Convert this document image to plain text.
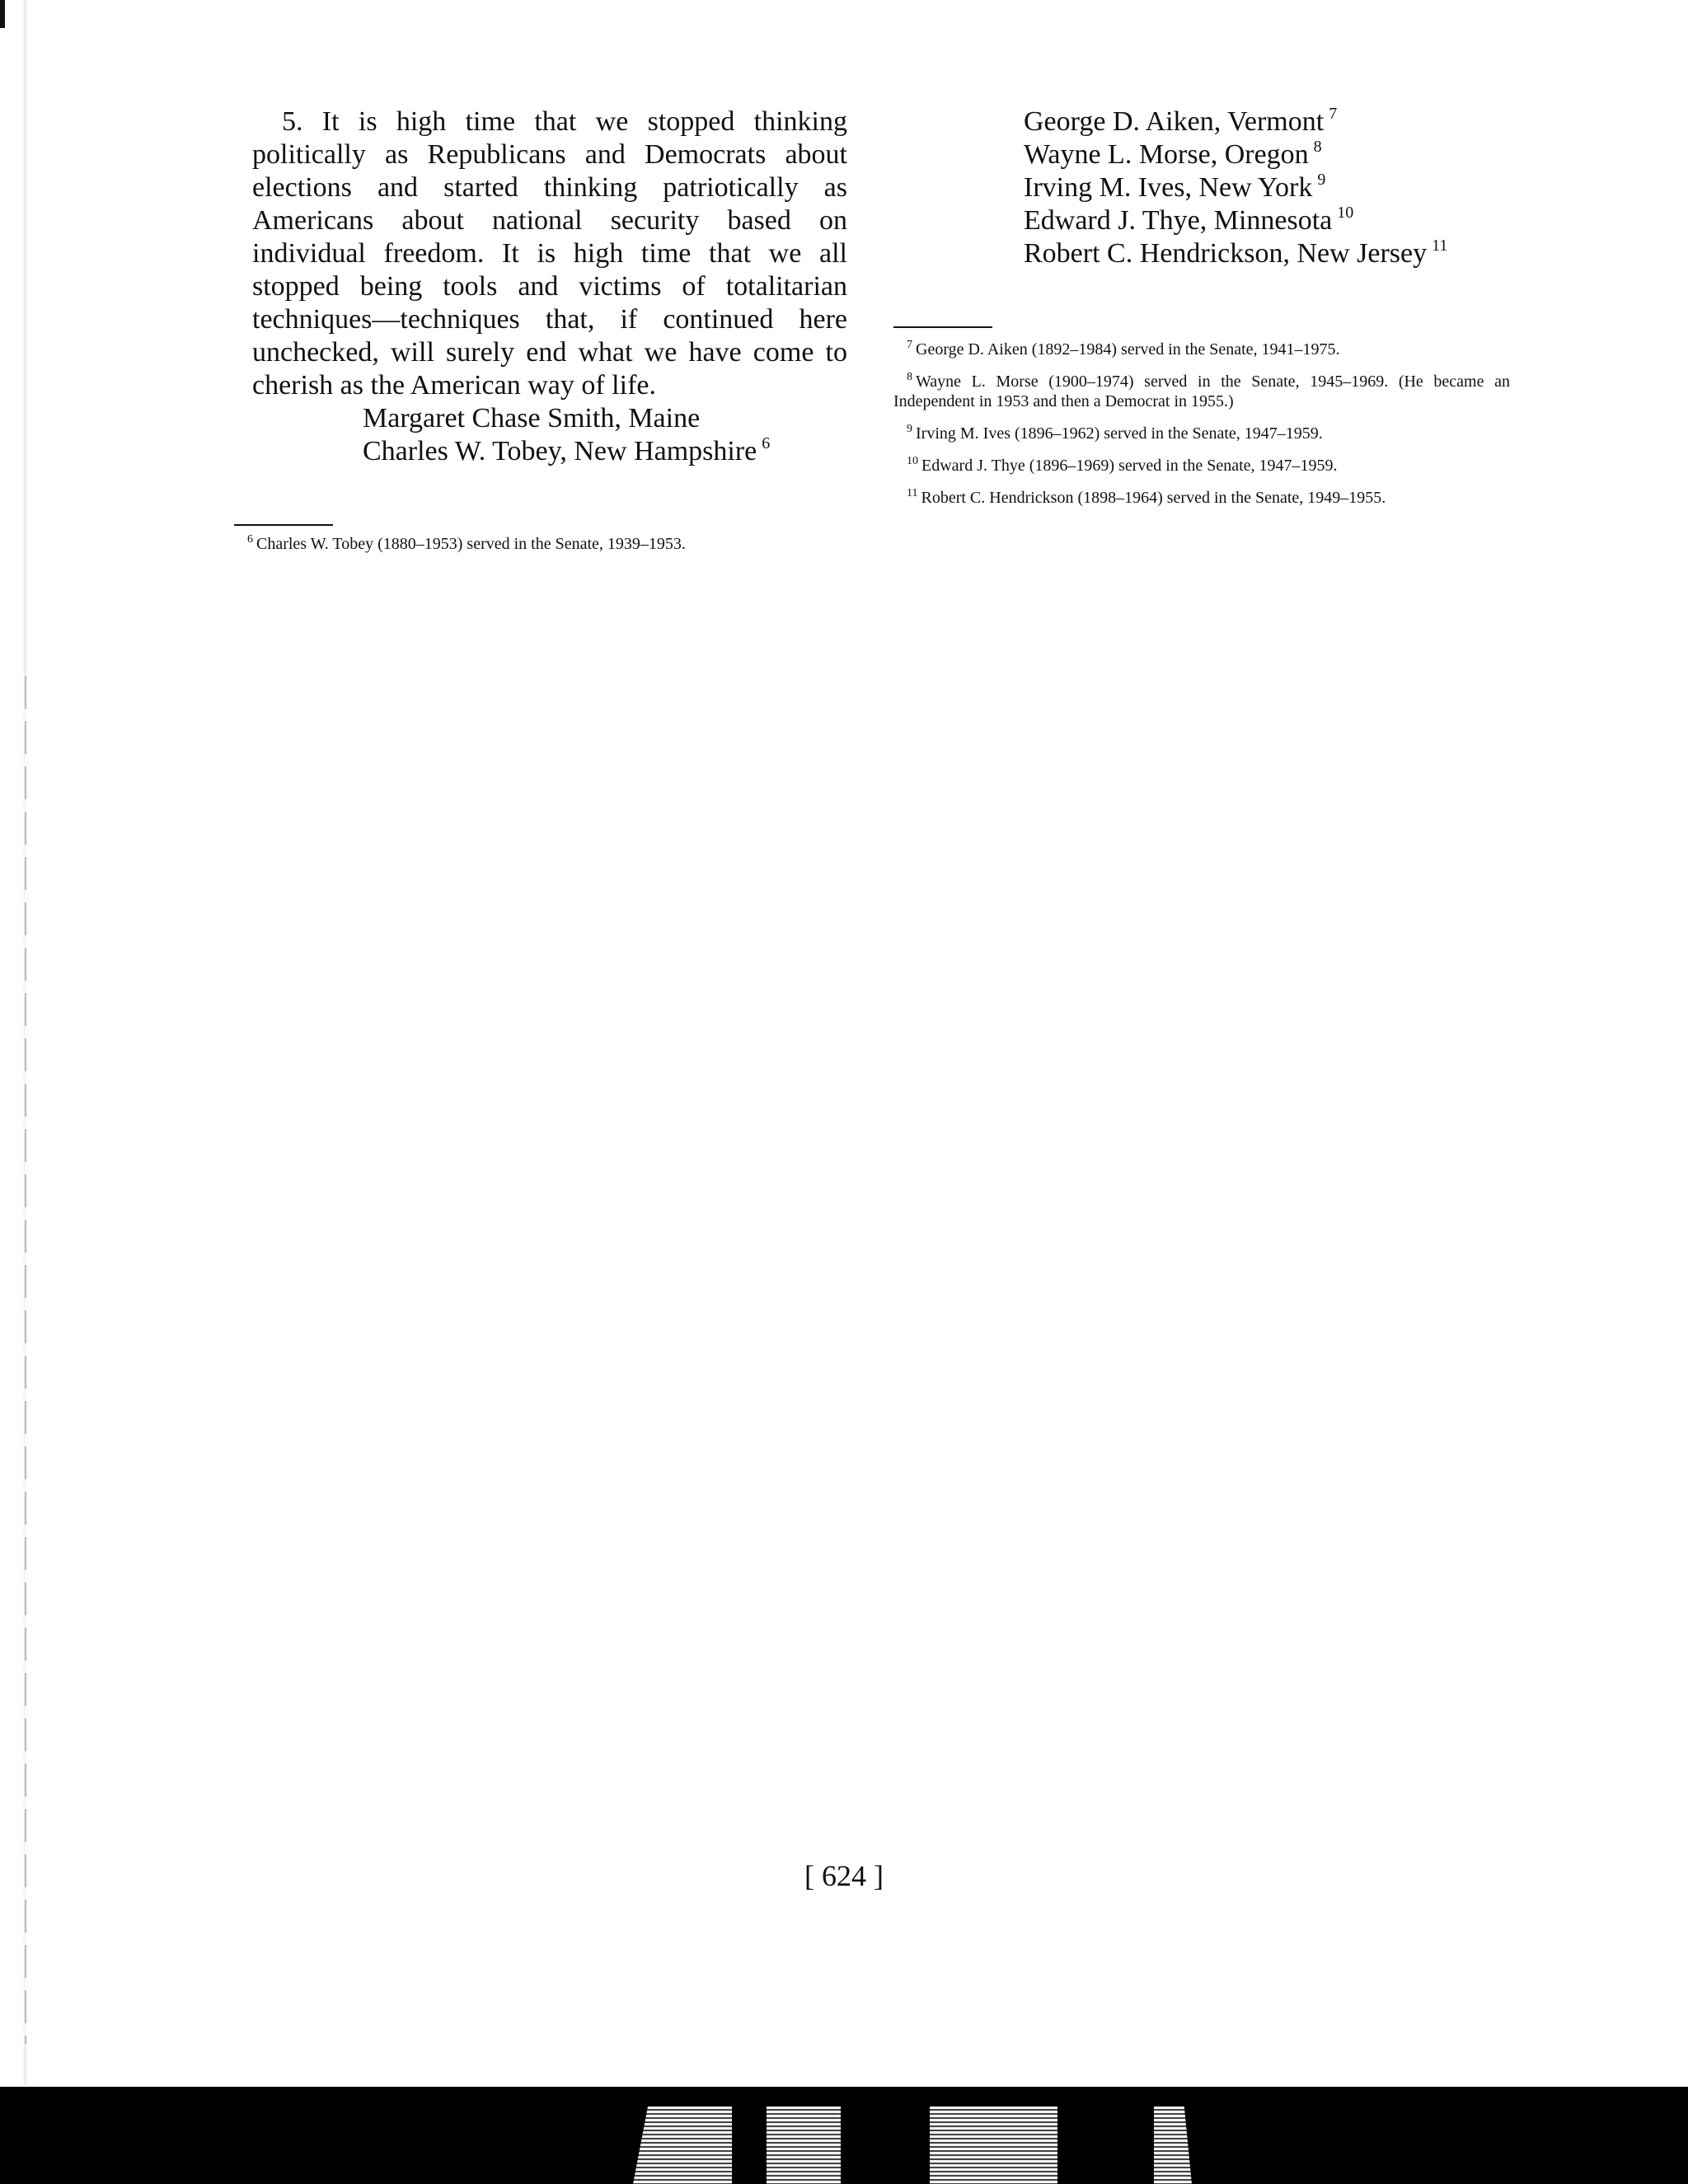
5. It is high time that we stopped thinking politically as Republicans and Democrats about elections and started thinking patriotically as Americans about national security based on individual freedom. It is high time that we all stopped being tools and victims of totalitarian techniques—techniques that, if continued here unchecked, will surely end what we have come to cherish as the American way of life.

Margaret Chase Smith, Maine

Charles W. Tobey, New Hampshire $^6$

$^6$ Charles W. Tobey (1880–1953) served in the Senate, 1939–1953.

George D. Aiken, Vermont $^7$

Wayne L. Morse, Oregon $^8$

Irving M. Ives, New York $^9$

Edward J. Thye, Minnesota $^{10}$

Robert C. Hendrickson, New Jersey $^{11}$

$^7$ George D. Aiken (1892–1984) served in the Senate, 1941–1975.

$^8$ Wayne L. Morse (1900–1974) served in the Senate, 1945–1969. (He became an Independent in 1953 and then a Democrat in 1955.)

$^9$ Irving M. Ives (1896–1962) served in the Senate, 1947–1959.

$^{10}$ Edward J. Thye (1896–1969) served in the Senate, 1947–1959.

$^{11}$ Robert C. Hendrickson (1898–1964) served in the Senate, 1949–1955.

[ 624 ]
